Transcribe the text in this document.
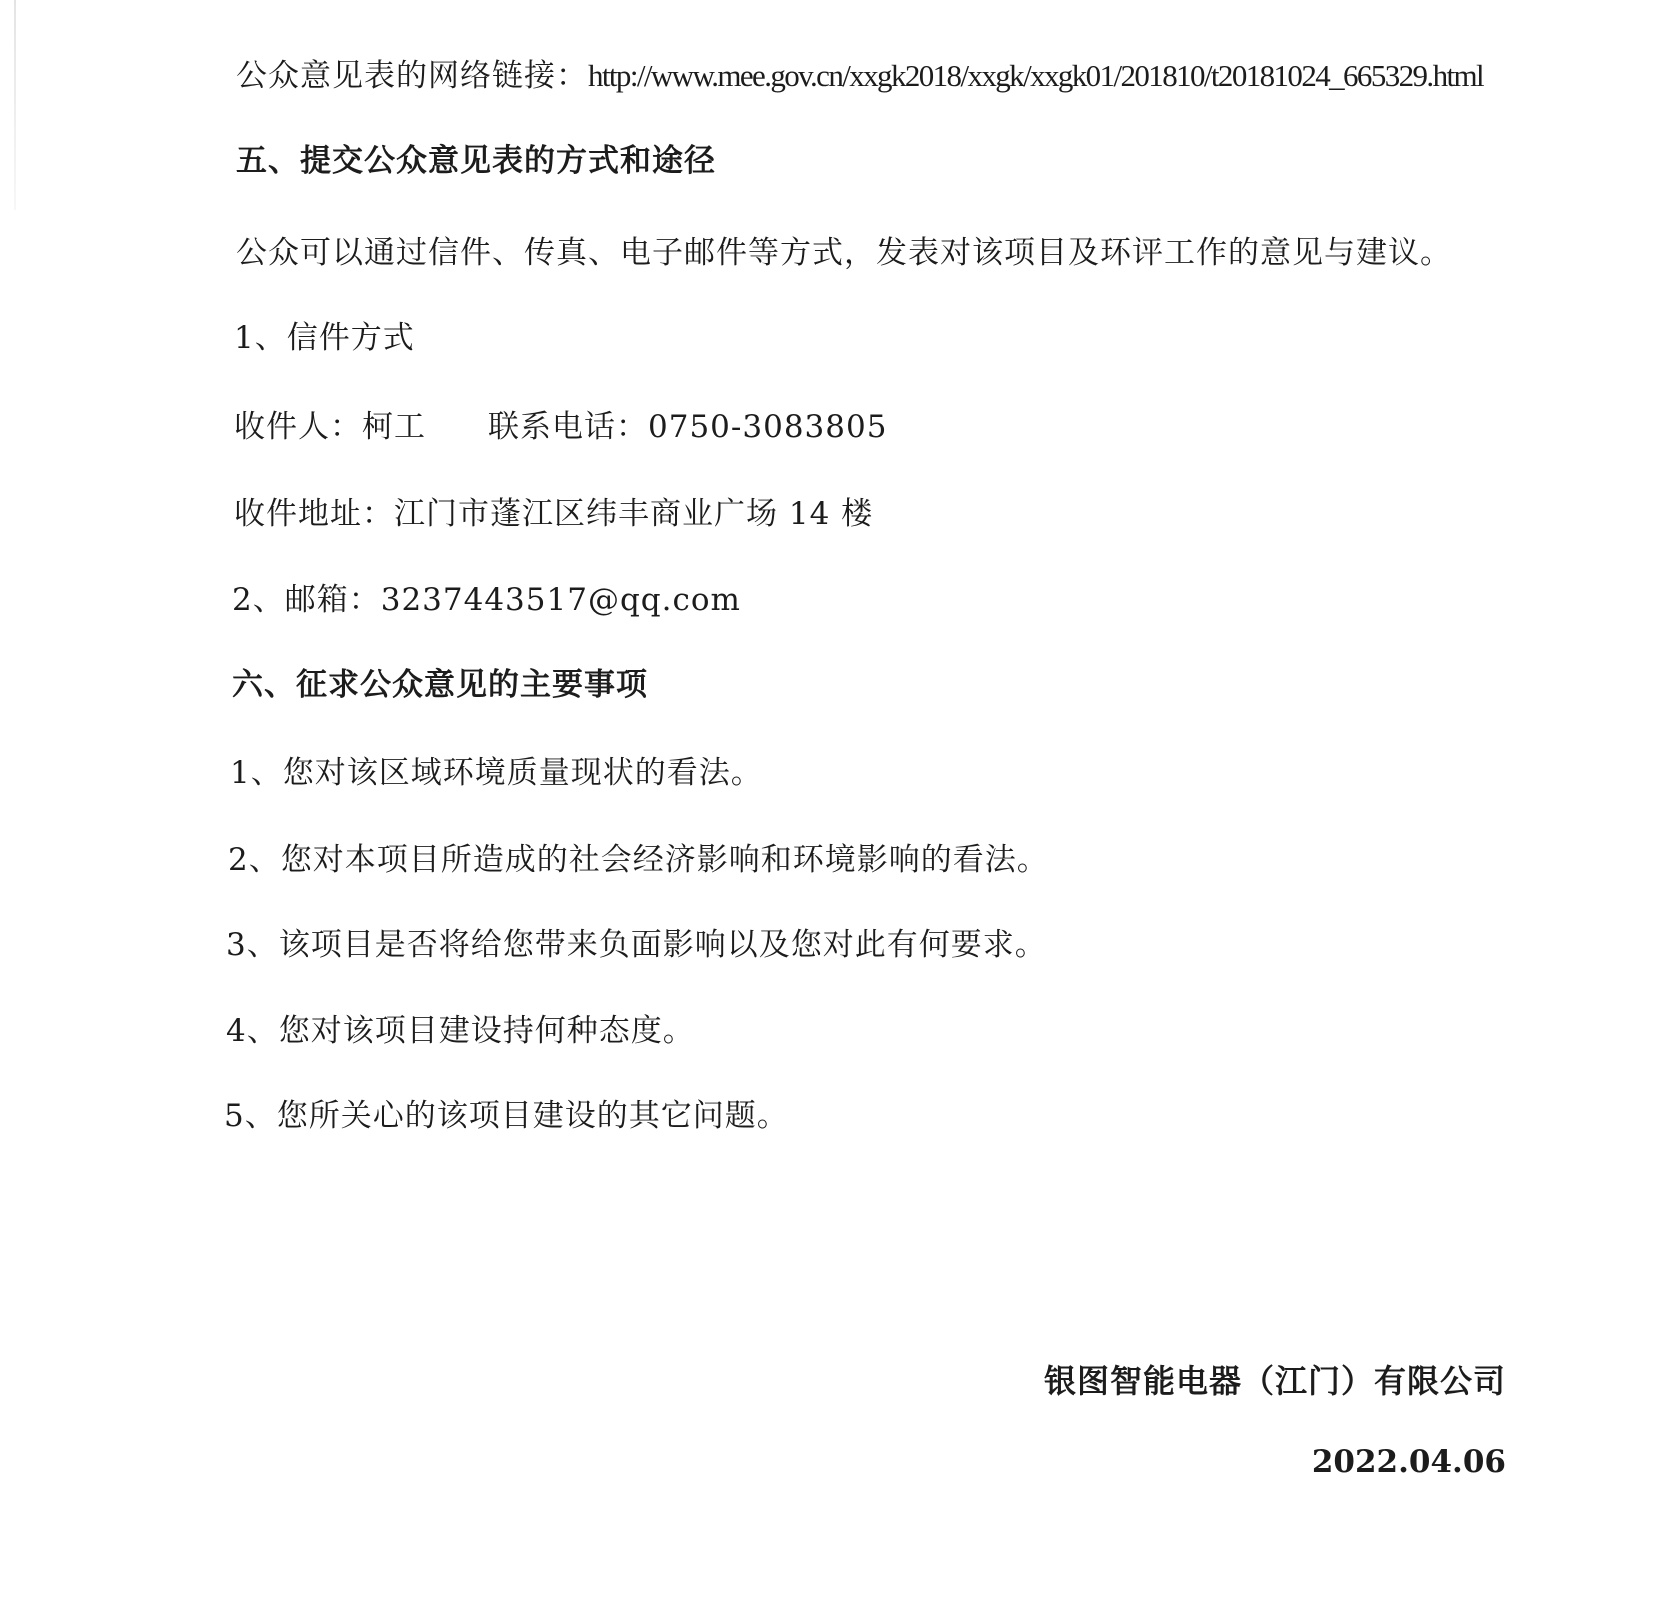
公众意见表的网络链接：http://www.mee.gov.cn/xxgk2018/xxgk/xxgk01/201810/t20181024_665329.html
五、提交公众意见表的方式和途径
公众可以通过信件、传真、电子邮件等方式，发表对该项目及环评工作的意见与建议。
1、信件方式
收件人：柯工 联系电话：0750-3083805
收件地址：江门市蓬江区纬丰商业广场 14 楼
2、邮箱：3237443517@qq.com
六、征求公众意见的主要事项
1、您对该区域环境质量现状的看法。
2、您对本项目所造成的社会经济影响和环境影响的看法。
3、该项目是否将给您带来负面影响以及您对此有何要求。
4、您对该项目建设持何种态度。
5、您所关心的该项目建设的其它问题。
银图智能电器（江门）有限公司
2022.04.06
